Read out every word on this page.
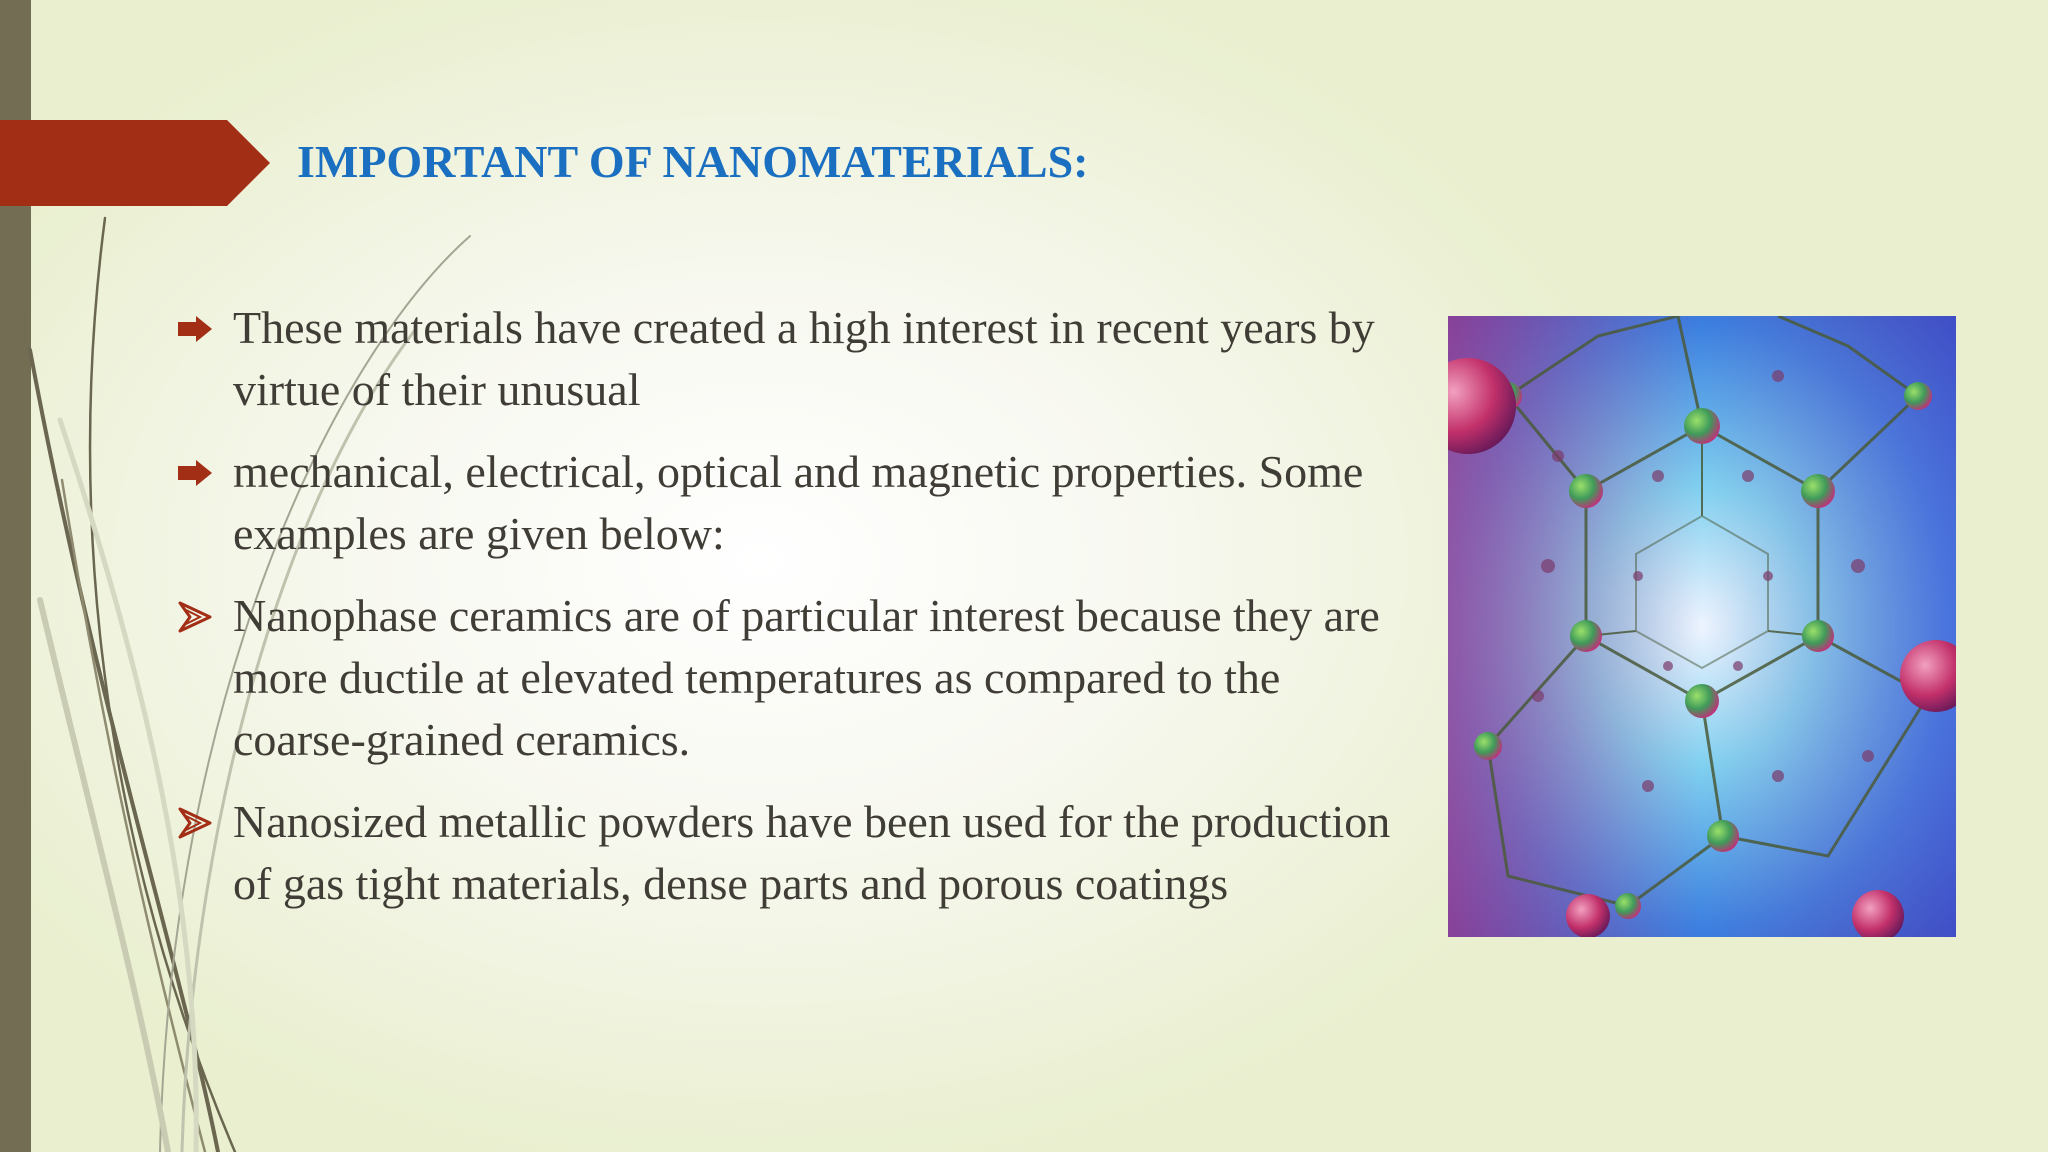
IMPORTANT OF NANOMATERIALS:
These materials have created a high interest in recent years by virtue of their unusual
mechanical, electrical, optical and magnetic properties. Some examples are given below:
Nanophase ceramics are of particular interest because they are more ductile at elevated temperatures as compared to the coarse-grained ceramics.
Nanosized metallic powders have been used for the production of gas tight materials, dense parts and porous coatings
